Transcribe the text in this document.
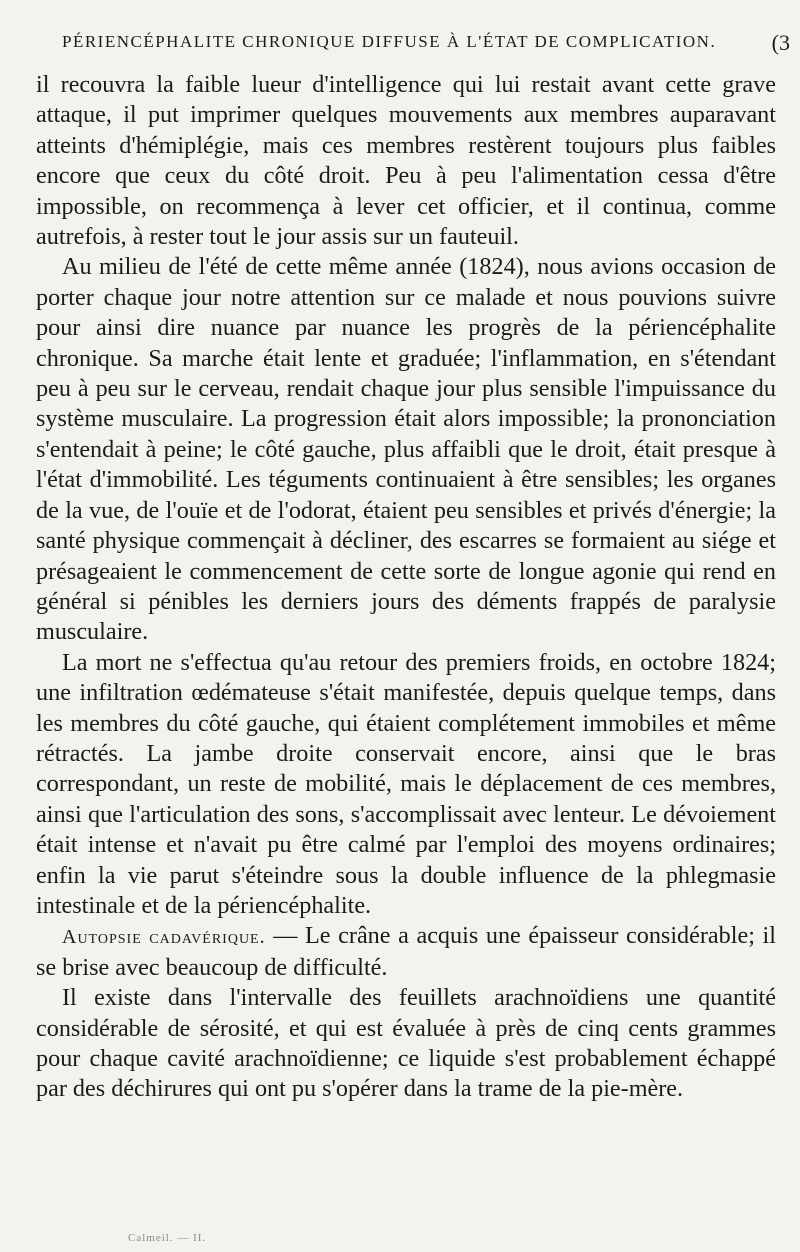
PÉRIENCÉPHALITE CHRONIQUE DIFFUSE À L'ÉTAT DE COMPLICATION.	(3

il recouvra la faible lueur d'intelligence qui lui restait avant cette grave attaque, il put imprimer quelques mouvements aux membres auparavant atteints d'hémiplégie, mais ces membres restèrent toujours plus faibles encore que ceux du côté droit. Peu à peu l'alimentation cessa d'être impossible, on recommença à lever cet officier, et il continua, comme autrefois, à rester tout le jour assis sur un fauteuil.

Au milieu de l'été de cette même année (1824), nous avions occasion de porter chaque jour notre attention sur ce malade et nous pouvions suivre pour ainsi dire nuance par nuance les progrès de la périencéphalite chronique. Sa marche était lente et graduée; l'inflammation, en s'étendant peu à peu sur le cerveau, rendait chaque jour plus sensible l'impuissance du système musculaire. La progression était alors impossible; la prononciation s'entendait à peine; le côté gauche, plus affaibli que le droit, était presque à l'état d'immobilité. Les téguments continuaient à être sensibles; les organes de la vue, de l'ouïe et de l'odorat, étaient peu sensibles et privés d'énergie; la santé physique commençait à décliner, des escarres se formaient au siége et présageaient le commencement de cette sorte de longue agonie qui rend en général si pénibles les derniers jours des déments frappés de paralysie musculaire.

La mort ne s'effectua qu'au retour des premiers froids, en octobre 1824; une infiltration œdémateuse s'était manifestée, depuis quelque temps, dans les membres du côté gauche, qui étaient complétement immobiles et même rétractés. La jambe droite conservait encore, ainsi que le bras correspondant, un reste de mobilité, mais le déplacement de ces membres, ainsi que l'articulation des sons, s'accomplissait avec lenteur. Le dévoiement était intense et n'avait pu être calmé par l'emploi des moyens ordinaires; enfin la vie parut s'éteindre sous la double influence de la phlegmasie intestinale et de la périencéphalite.

Autopsie cadavérique. — Le crâne a acquis une épaisseur considérable; il se brise avec beaucoup de difficulté.

Il existe dans l'intervalle des feuillets arachnoïdiens une quantité considérable de sérosité, et qui est évaluée à près de cinq cents grammes pour chaque cavité arachnoïdienne; ce liquide s'est probablement échappé par des déchirures qui ont pu s'opérer dans la trame de la pie-mère.

Calmeil. — II.
